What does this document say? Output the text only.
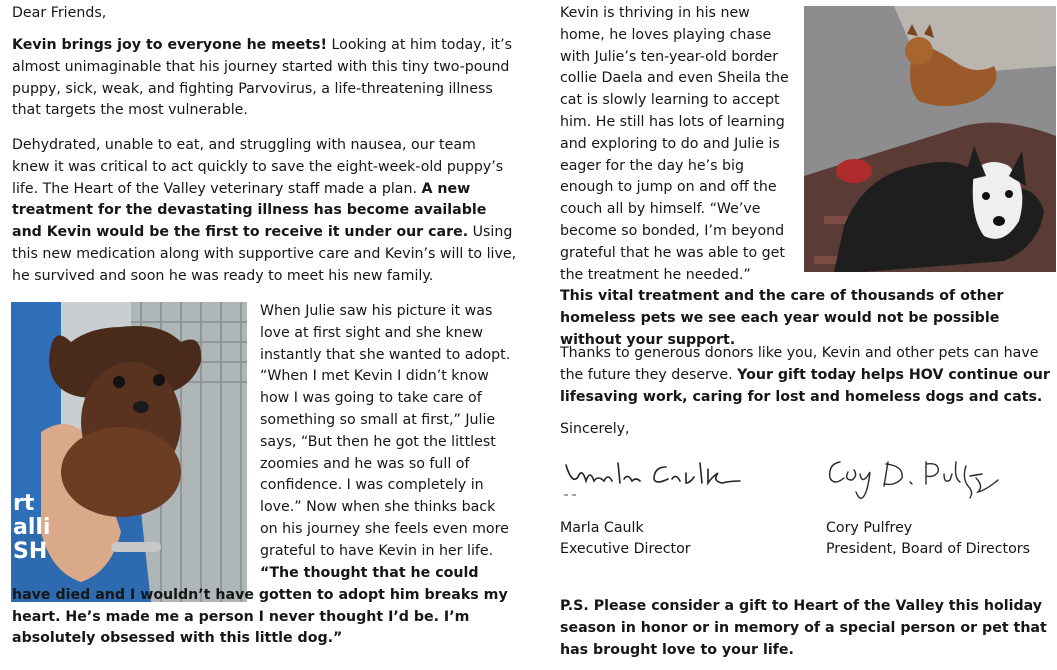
Dear Friends,

Kevin brings joy to everyone he meets! Looking at him today, it’s almost unimaginable that his journey started with this tiny two-pound puppy, sick, weak, and fighting Parvovirus, a life-threatening illness that targets the most vulnerable.

Dehydrated, unable to eat, and struggling with nausea, our team knew it was critical to act quickly to save the eight-week-old puppy’s life. The Heart of the Valley veterinary staff made a plan. A new treatment for the devastating illness has become available and Kevin would be the first to receive it under our care. Using this new medication along with supportive care and Kevin’s will to live, he survived and soon he was ready to meet his new family.

rt alli SH

When Julie saw his picture it was love at first sight and she knew instantly that she wanted to adopt. “When I met Kevin I didn’t know how I was going to take care of something so small at first,” Julie says, “But then he got the littlest zoomies and he was so full of confidence. I was completely in love.” Now when she thinks back on his journey she feels even more grateful to have Kevin in her life.

“The thought that he could have died and I wouldn’t have gotten to adopt him breaks my heart. He’s made me a person I never thought I’d be. I’m absolutely obsessed with this little dog.”

Kevin is thriving in his new home, he loves playing chase with Julie’s ten-year-old border collie Daela and even Sheila the cat is slowly learning to accept him. He still has lots of learning and exploring to do and Julie is eager for the day he’s big enough to jump on and off the couch all by himself. “We’ve become so bonded, I’m beyond grateful that he was able to get the treatment he needed.”

This vital treatment and the care of thousands of other homeless pets we see each year would not be possible without your support.

Thanks to generous donors like you, Kevin and other pets can have the future they deserve. Your gift today helps HOV continue our lifesaving work, caring for lost and homeless dogs and cats.

Sincerely,

Marla Caulk
Executive Director
Cory Pulfrey
President, Board of Directors

P.S. Please consider a gift to Heart of the Valley this holiday season in honor or in memory of a special person or pet that has brought love to your life.
